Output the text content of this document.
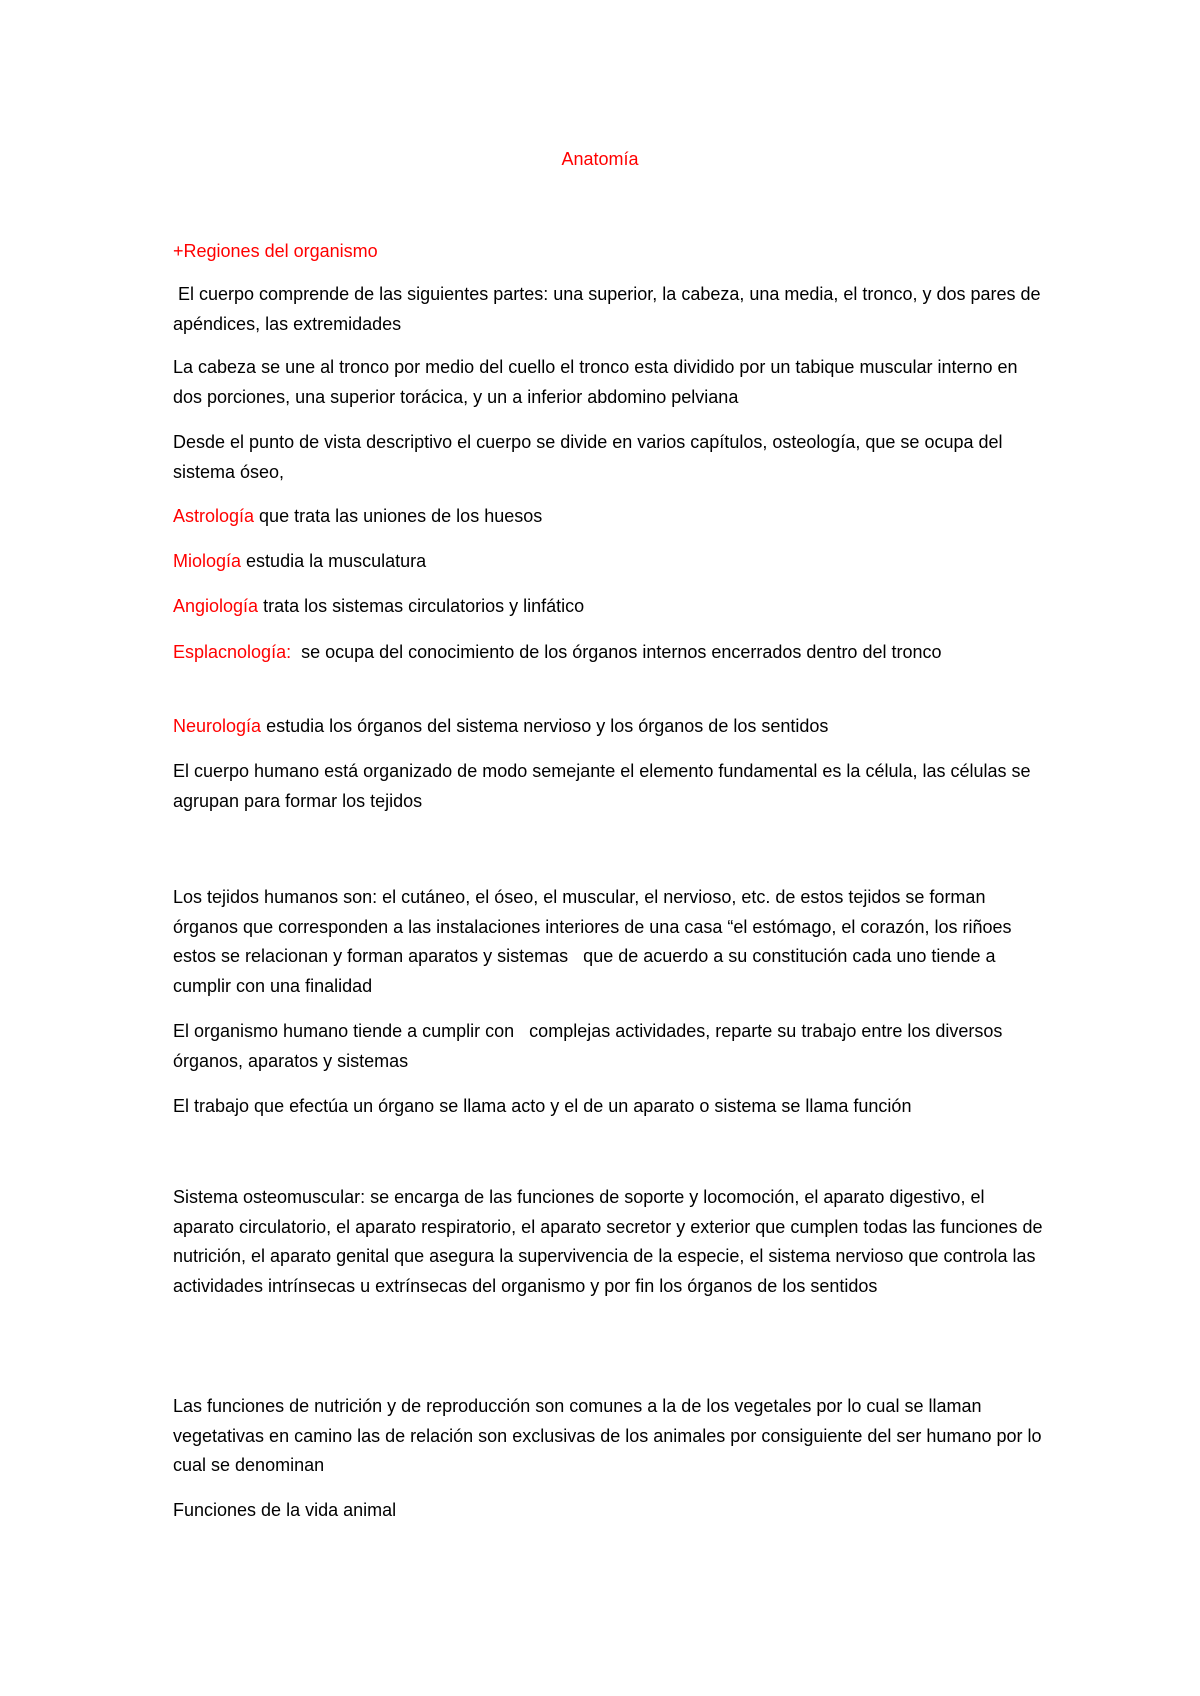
Anatomía

+Regiones del organismo

El cuerpo comprende de las siguientes partes: una superior, la cabeza, una media, el tronco, y dos pares de apéndices, las extremidades

La cabeza se une al tronco por medio del cuello el tronco esta dividido por un tabique muscular interno en dos porciones, una superior torácica, y un a inferior abdomino pelviana

Desde el punto de vista descriptivo el cuerpo se divide en varios capítulos, osteología, que se ocupa del sistema óseo,

Astrología que trata las uniones de los huesos

Miología estudia la musculatura

Angiología trata los sistemas circulatorios y linfático

Esplacnología:  se ocupa del conocimiento de los órganos internos encerrados dentro del tronco

Neurología estudia los órganos del sistema nervioso y los órganos de los sentidos

El cuerpo humano está organizado de modo semejante el elemento fundamental es la célula, las células se agrupan para formar los tejidos

Los tejidos humanos son: el cutáneo, el óseo, el muscular, el nervioso, etc. de estos tejidos se forman órganos que corresponden a las instalaciones interiores de una casa “el estómago, el corazón, los riñoes   estos se relacionan y forman aparatos y sistemas   que de acuerdo a su constitución cada uno tiende a cumplir con una finalidad

El organismo humano tiende a cumplir con   complejas actividades, reparte su trabajo entre los diversos órganos, aparatos y sistemas

El trabajo que efectúa un órgano se llama acto y el de un aparato o sistema se llama función

Sistema osteomuscular: se encarga de las funciones de soporte y locomoción, el aparato digestivo, el aparato circulatorio, el aparato respiratorio, el aparato secretor y exterior que cumplen todas las funciones de nutrición, el aparato genital que asegura la supervivencia de la especie, el sistema nervioso que controla las actividades intrínsecas u extrínsecas del organismo y por fin los órganos de los sentidos

Las funciones de nutrición y de reproducción son comunes a la de los vegetales por lo cual se llaman vegetativas en camino las de relación son exclusivas de los animales por consiguiente del ser humano por lo cual se denominan

Funciones de la vida animal
